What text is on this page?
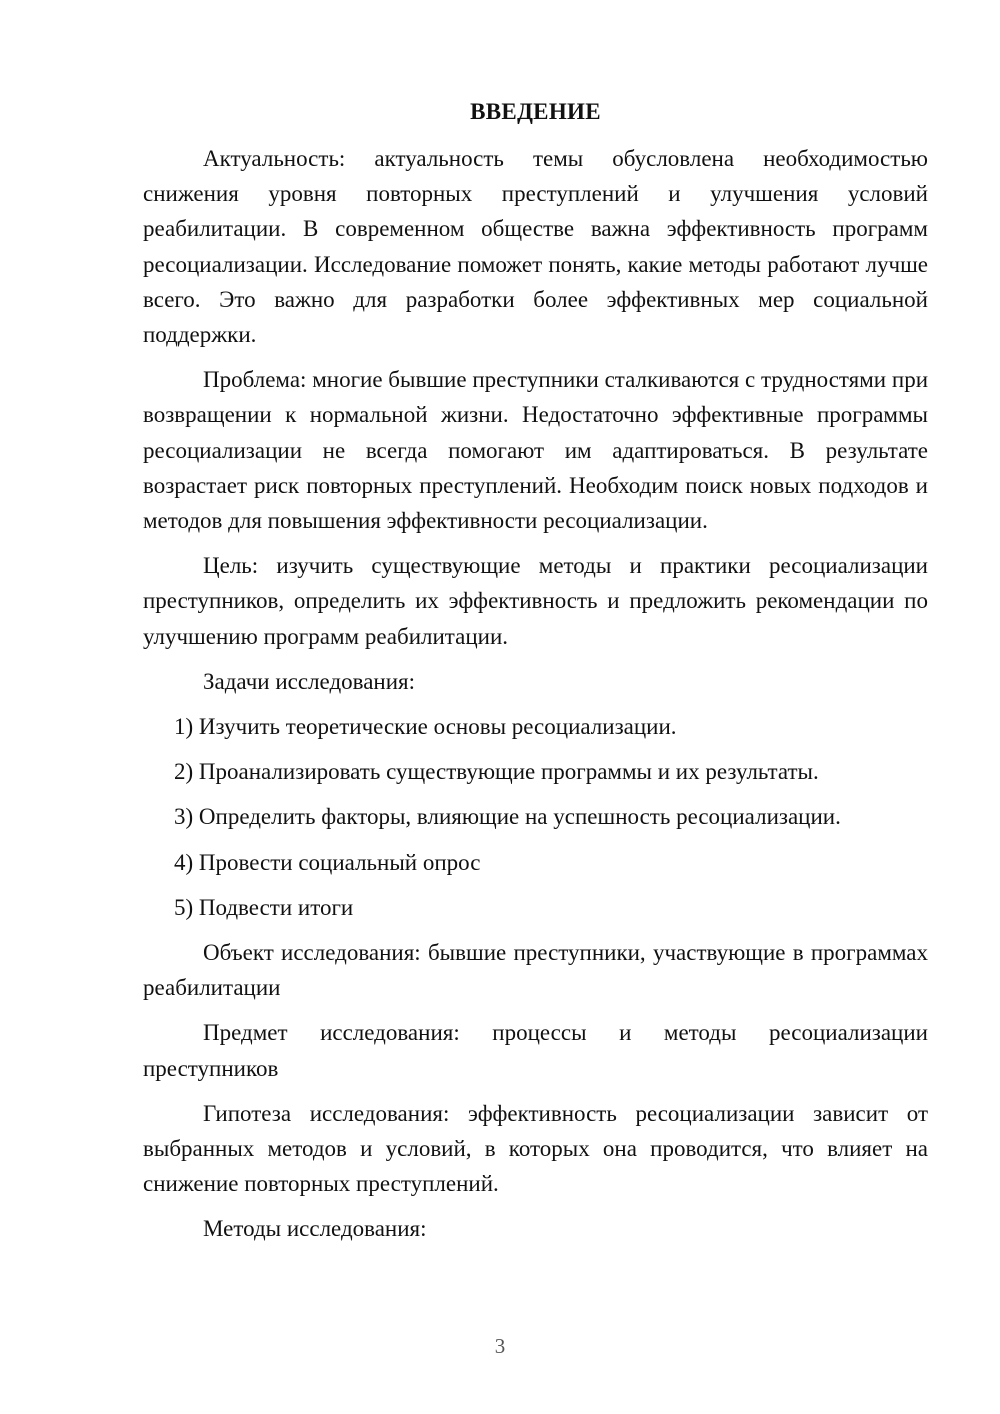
ВВЕДЕНИЕ

Актуальность: актуальность темы обусловлена необходимостью снижения уровня повторных преступлений и улучшения условий реабилитации. В современном обществе важна эффективность программ ресоциализации. Исследование поможет понять, какие методы работают лучше всего. Это важно для разработки более эффективных мер социальной поддержки.

Проблема: многие бывшие преступники сталкиваются с трудностями при возвращении к нормальной жизни. Недостаточно эффективные программы ресоциализации не всегда помогают им адаптироваться. В результате возрастает риск повторных преступлений. Необходим поиск новых подходов и методов для повышения эффективности ресоциализации.

Цель: изучить существующие методы и практики ресоциализации преступников, определить их эффективность и предложить рекомендации по улучшению программ реабилитации.

Задачи исследования:

1) Изучить теоретические основы ресоциализации.

2) Проанализировать существующие программы и их результаты.

3) Определить факторы, влияющие на успешность ресоциализации.

4) Провести социальный опрос

5) Подвести итоги

Объект исследования: бывшие преступники, участвующие в программах реабилитации

Предмет исследования: процессы и методы ресоциализации преступников

Гипотеза исследования: эффективность ресоциализации зависит от выбранных методов и условий, в которых она проводится, что влияет на снижение повторных преступлений.

Методы исследования:

3
